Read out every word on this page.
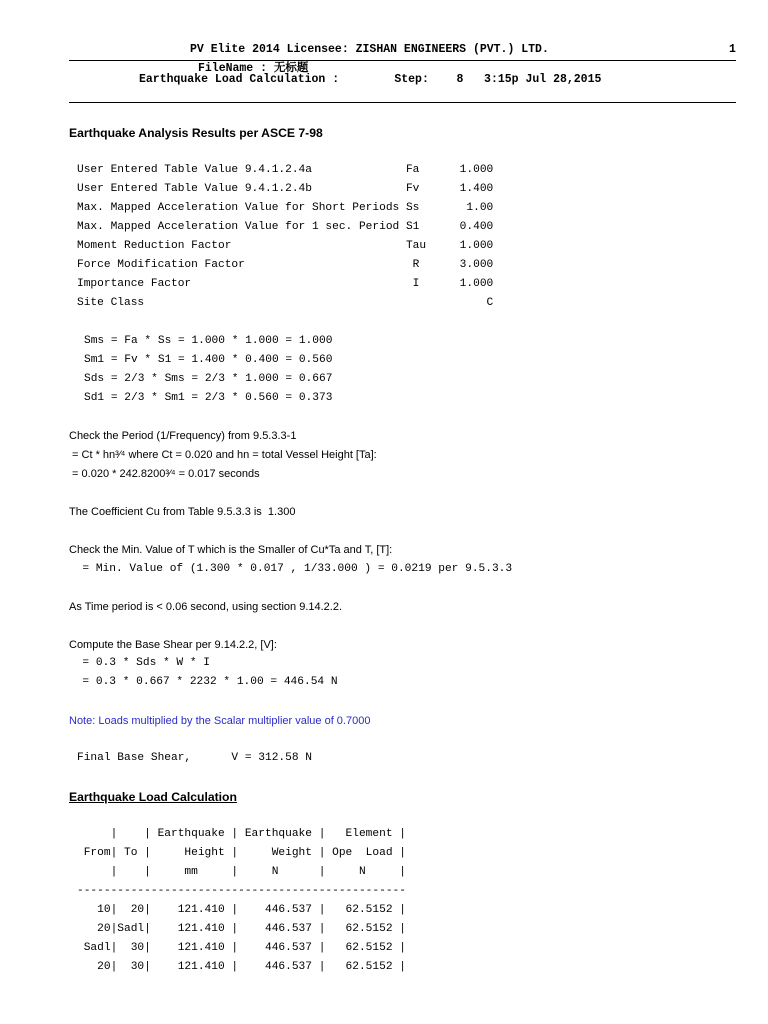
PV Elite 2014 Licensee: ZISHAN ENGINEERS (PVT.) LTD.	1
FileName : 无标题
Earthquake Load Calculation :        Step:    8   3:15p Jul 28,2015
Earthquake Analysis Results per ASCE 7-98
User Entered Table Value 9.4.1.2.4a              Fa      1.000
User Entered Table Value 9.4.1.2.4b              Fv      1.400
Max. Mapped Acceleration Value for Short Periods Ss       1.00
Max. Mapped Acceleration Value for 1 sec. Period S1      0.400
Moment Reduction Factor                          Tau     1.000
Force Modification Factor                         R      3.000
Importance Factor                                 I      1.000
Site Class                                                   C
Sms = Fa * Ss = 1.000 * 1.000 = 1.000
Sm1 = Fv * S1 = 1.400 * 0.400 = 0.560
Sds = 2/3 * Sms = 2/3 * 1.000 = 0.667
Sd1 = 2/3 * Sm1 = 2/3 * 0.560 = 0.373
Check the Period (1/Frequency) from 9.5.3.3-1
= Ct * hn³⁄⁴ where Ct = 0.020 and hn = total Vessel Height [Ta]:
= 0.020 * 242.8200³⁄⁴ = 0.017 seconds
The Coefficient Cu from Table 9.5.3.3 is  1.300
Check the Min. Value of T which is the Smaller of Cu*Ta and T, [T]:
= Min. Value of (1.300 * 0.017 , 1/33.000 ) = 0.0219 per 9.5.3.3
As Time period is < 0.06 second, using section 9.14.2.2.
Compute the Base Shear per 9.14.2.2, [V]:
= 0.3 * Sds * W * I
= 0.3 * 0.667 * 2232 * 1.00 = 446.54 N
Note: Loads multiplied by the Scalar multiplier value of 0.7000
Final Base Shear,      V = 312.58 N
Earthquake Load Calculation
|    | Earthquake | Earthquake |   Element |
From| To |     Height |     Weight | Ope  Load |
|    |     mm     |     N      |     N     |
-------------------------------------------------
10|  20|    121.410 |    446.537 |   62.5152 |
20|Sadl|    121.410 |    446.537 |   62.5152 |
Sadl|  30|    121.410 |    446.537 |   62.5152 |
20|  30|    121.410 |    446.537 |   62.5152 |
